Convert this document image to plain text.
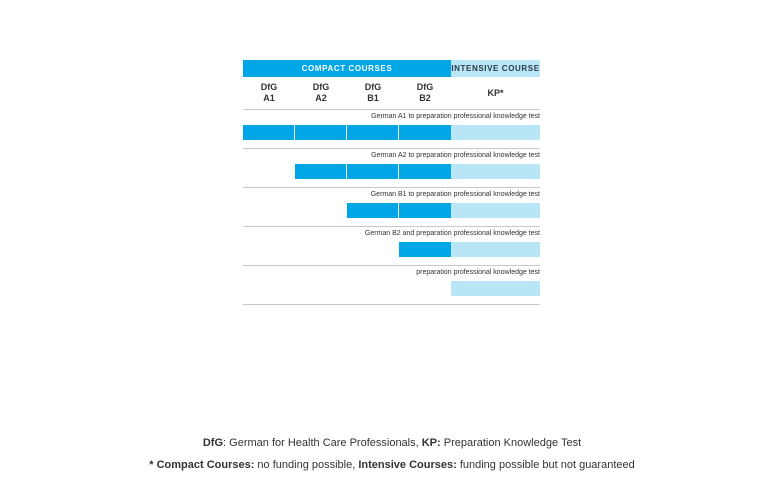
COMPACT COURSES	INTENSIVE COURSE
DfG
A1
DfG
A2
DfG
B1
DfG
B2	KP*
German A1 to preparation professional knowledge test
German A2 to preparation professional knowledge test
German B1 to preparation professional knowledge test
German B2 and preparation professional knowledge test
preparation professional knowledge test
DfG: German for Health Care Professionals, KP: Preparation Knowledge Test
* Compact Courses: no funding possible, Intensive Courses: funding possible but not guaranteed
